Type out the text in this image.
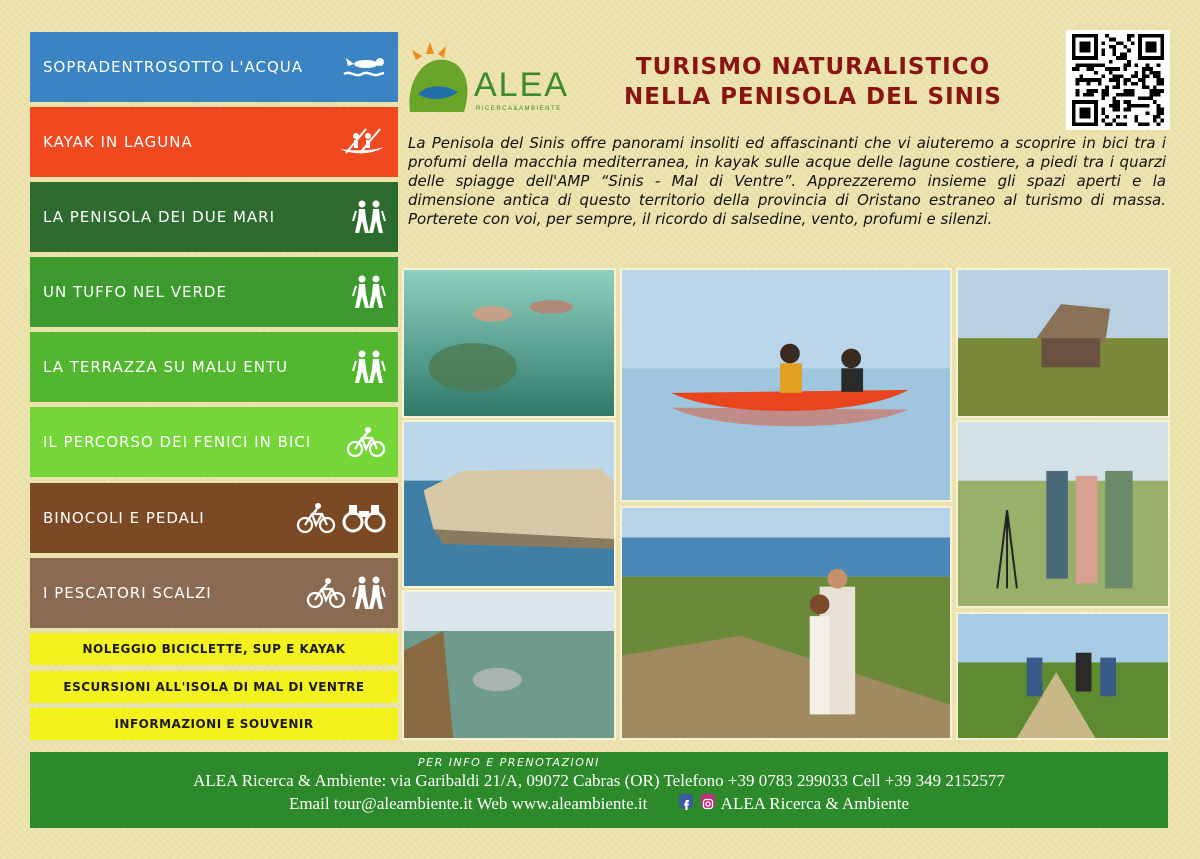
SOPRADENTROSOTTO L'ACQUA
KAYAK IN LAGUNA
LA PENISOLA DEI DUE MARI
UN TUFFO NEL VERDE
LA TERRAZZA SU MALU ENTU
IL PERCORSO DEI FENICI IN BICI
BINOCOLI E PEDALI
I PESCATORI SCALZI
NOLEGGIO BICICLETTE, SUP E KAYAK
ESCURSIONI ALL'ISOLA DI MAL DI VENTRE
INFORMAZIONI E SOUVENIR
ALEA
RICERCA&AMBIENTE
TURISMO NATURALISTICO
NELLA PENISOLA DEL SINIS
La Penisola del Sinis offre panorami insoliti ed affascinanti che vi aiuteremo a scoprire in bici tra i profumi della macchia mediterranea, in kayak sulle acque delle lagune costiere, a piedi tra i quarzi delle spiagge dell'AMP “Sinis - Mal di Ventre”. Apprezzeremo insieme gli spazi aperti e la dimensione antica di questo territorio della provincia di Oristano estraneo al turismo di massa. Porterete con voi, per sempre, il ricordo di salsedine, vento, profumi e silenzi.
PER INFO E PRENOTAZIONI
ALEA Ricerca & Ambiente: via Garibaldi 21/A, 09072 Cabras (OR) Telefono +39 0783 299033 Cell +39 349 2152577
Email tour@aleambiente.it Web www.aleambiente.it	ALEA Ricerca & Ambiente
